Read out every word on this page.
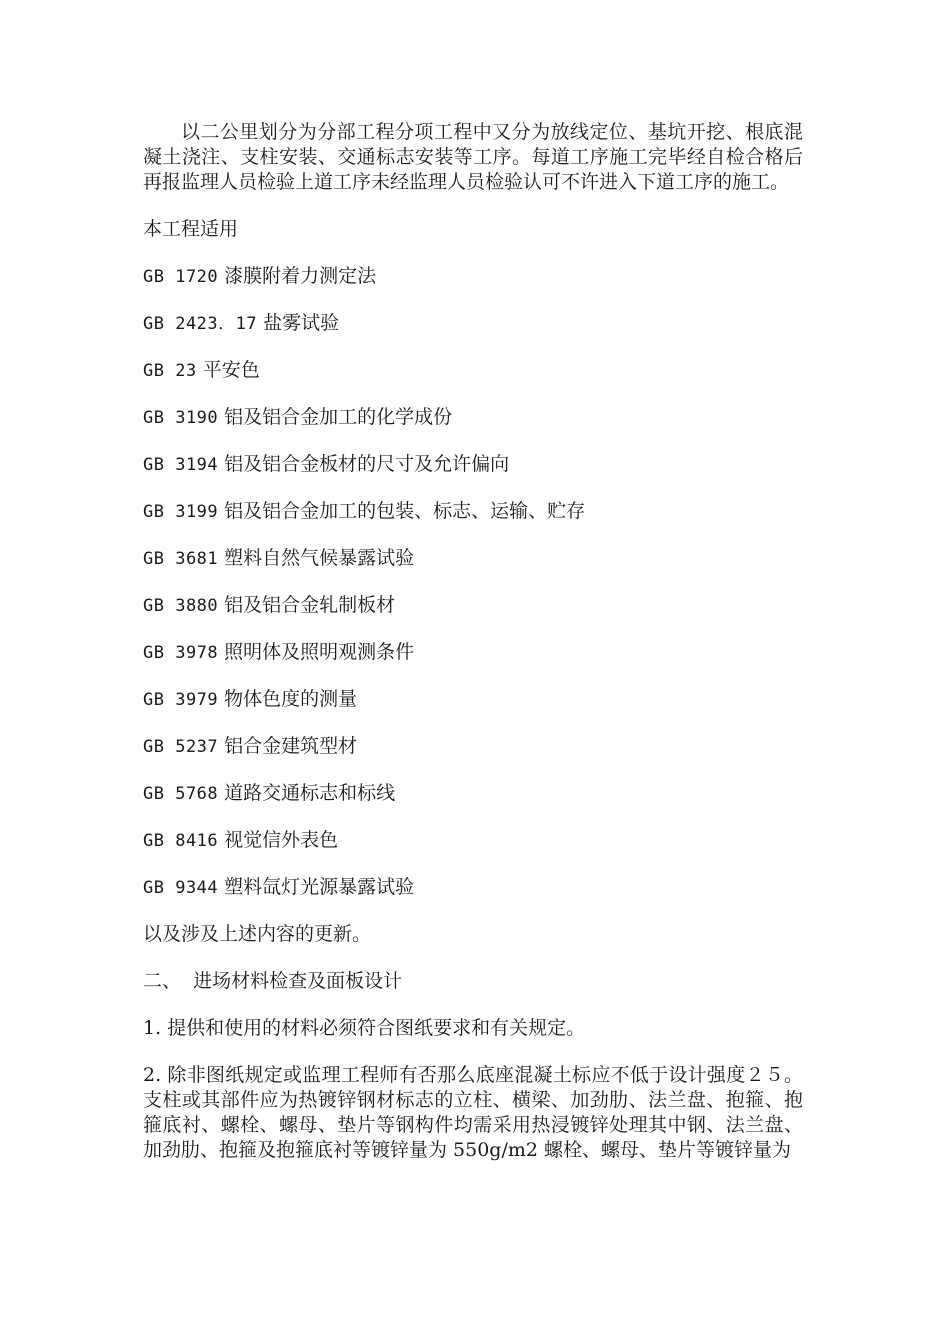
以二公里划分为分部工程分项工程中又分为放线定位、基坑开挖、根底混凝土浇注、支柱安装、交通标志安装等工序。每道工序施工完毕经自检合格后再报监理人员检验上道工序未经监理人员检验认可不许进入下道工序的施工。

本工程适用

GB 1720 漆膜附着力测定法
GB 2423．17 盐雾试验
GB 23 平安色
GB 3190 铝及铝合金加工的化学成份
GB 3194 铝及铝合金板材的尺寸及允许偏向
GB 3199 铝及铝合金加工的包装、标志、运输、贮存
GB 3681 塑料自然气候暴露试验
GB 3880 铝及铝合金轧制板材
GB 3978 照明体及照明观测条件
GB 3979 物体色度的测量
GB 5237 铝合金建筑型材
GB 5768 道路交通标志和标线
GB 8416 视觉信外表色
GB 9344 塑料氙灯光源暴露试验

以及涉及上述内容的更新。

二、  进场材料检查及面板设计

1. 提供和使用的材料必须符合图纸要求和有关规定。

2. 除非图纸规定或监理工程师有否那么底座混凝土标应不低于设计强度２５。支柱或其部件应为热镀锌钢材标志的立柱、横梁、加劲肋、法兰盘、抱箍、抱箍底衬、螺栓、螺母、垫片等钢构件均需采用热浸镀锌处理其中钢、法兰盘、加劲肋、抱箍及抱箍底衬等镀锌量为 550g/m2 螺栓、螺母、垫片等镀锌量为
